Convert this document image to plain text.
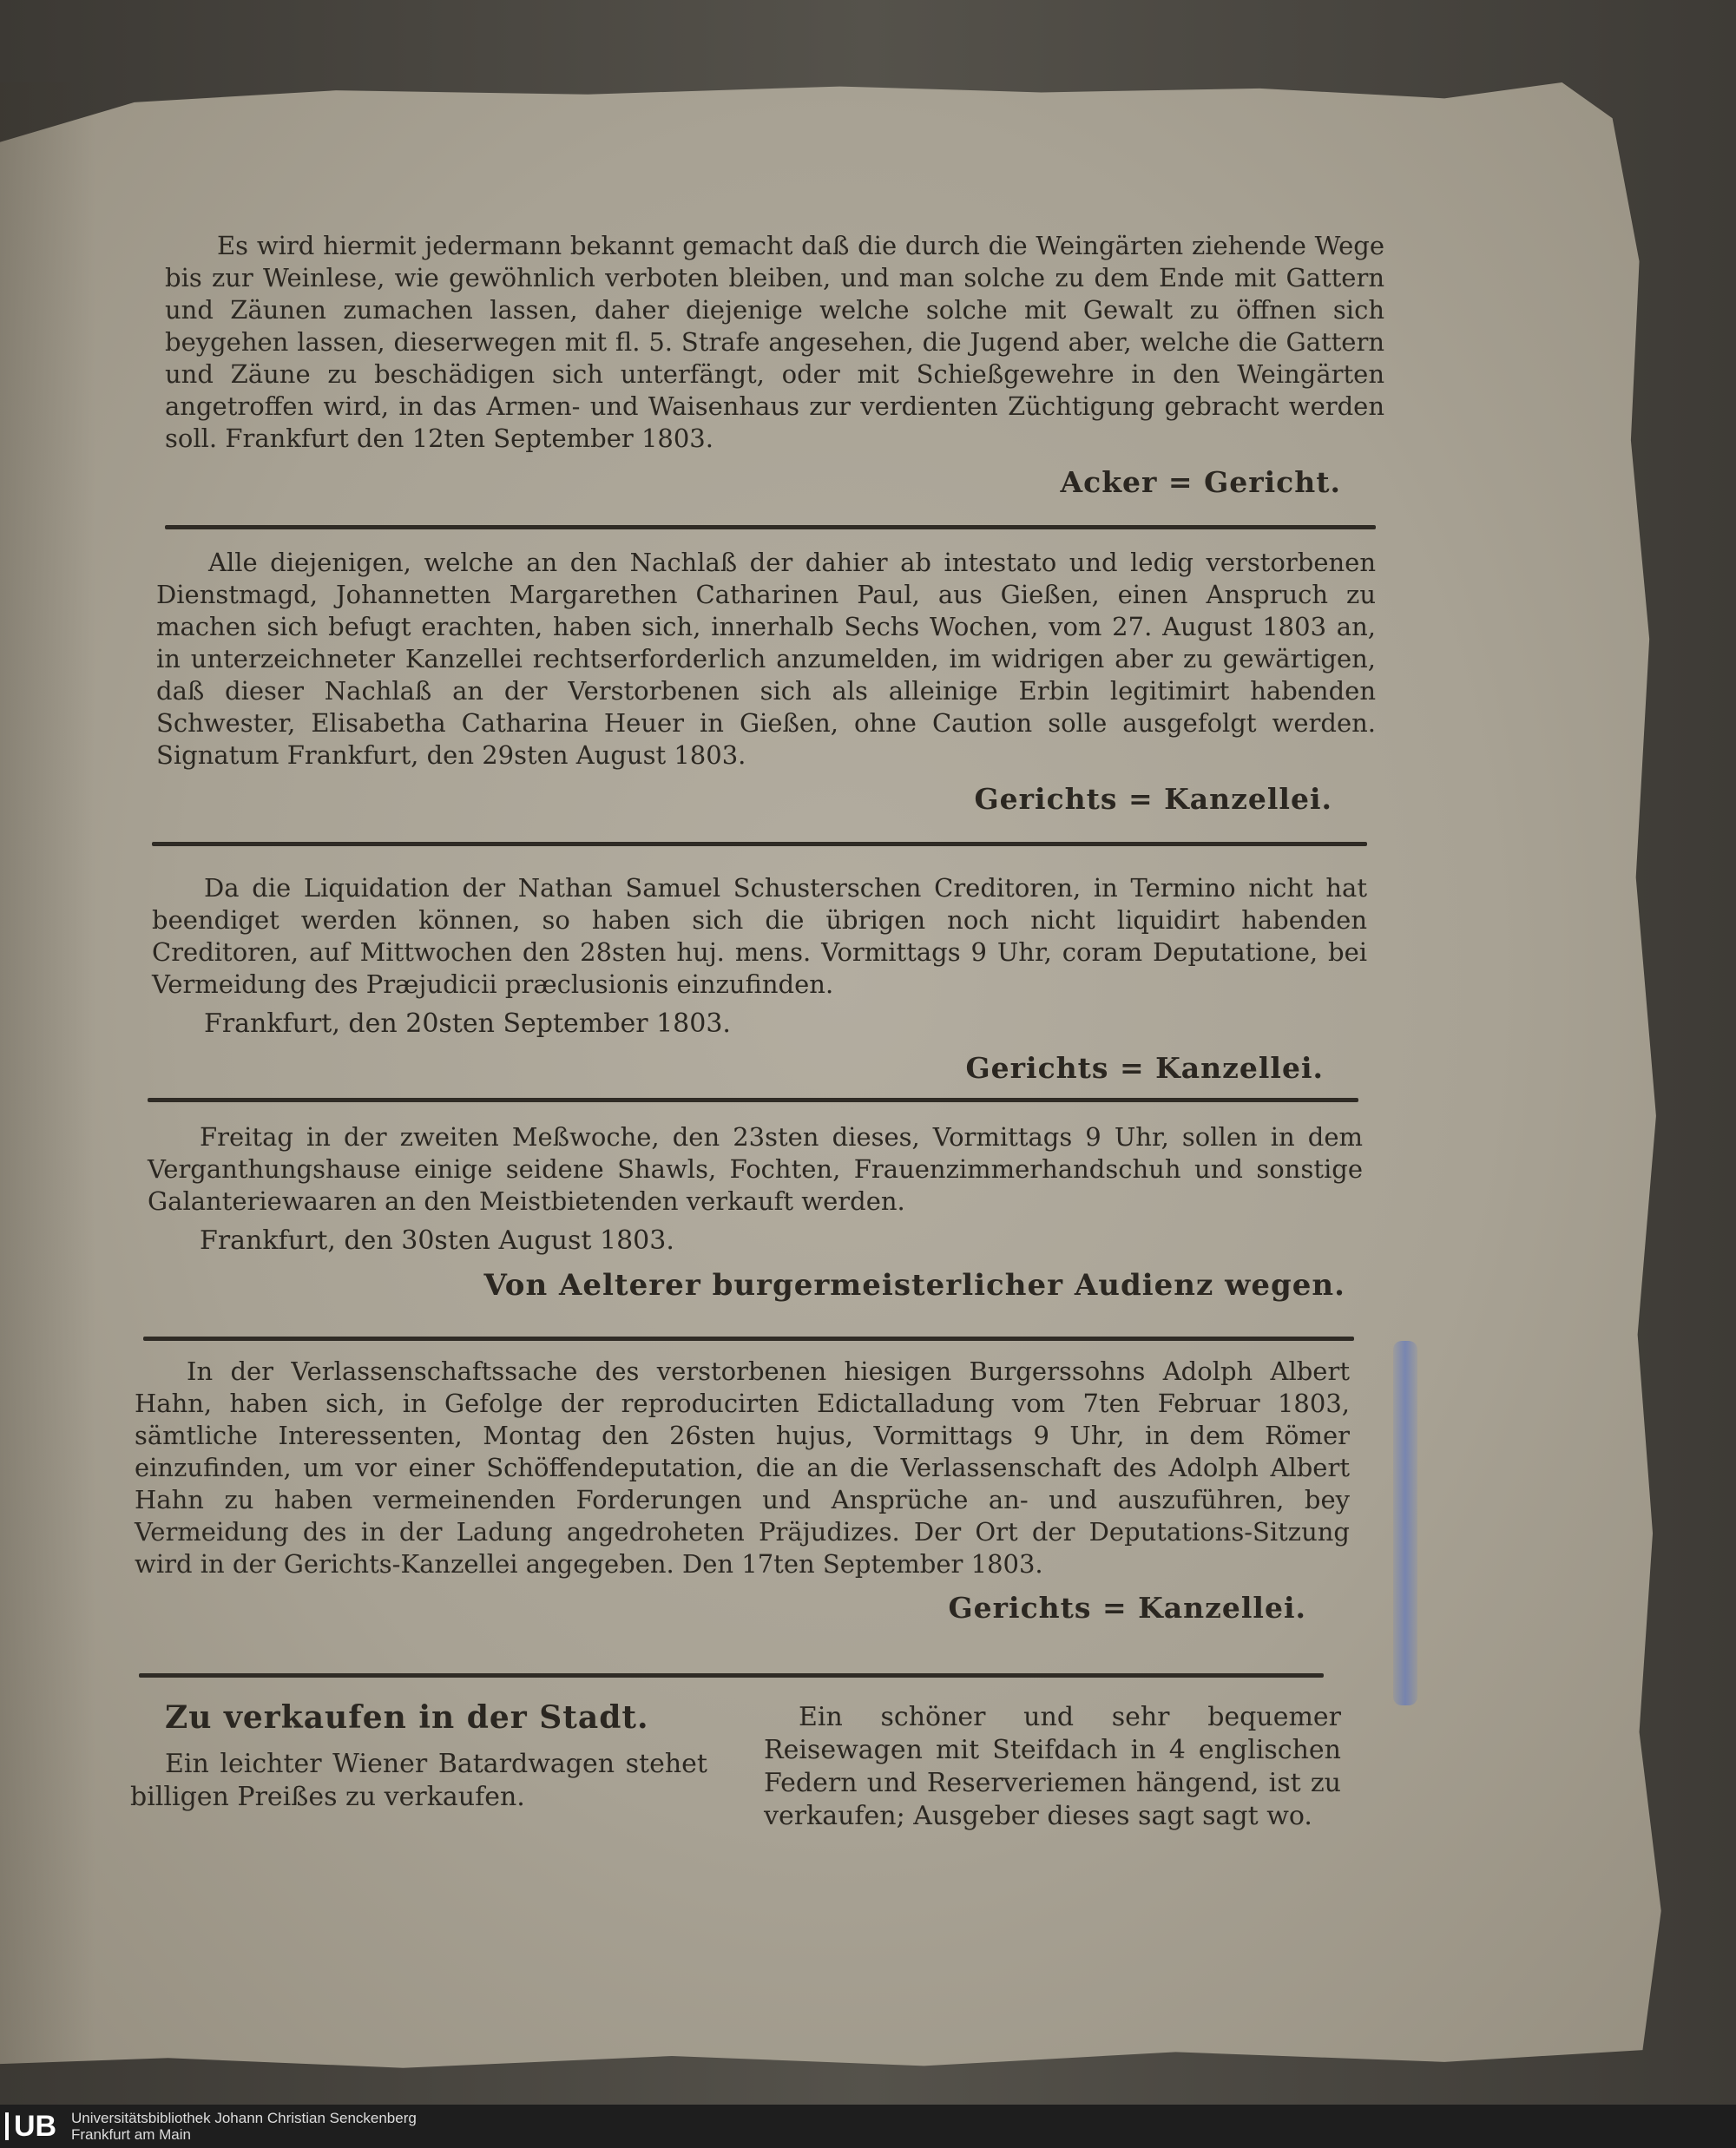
Es wird hiermit jedermann bekannt gemacht daß die durch die Weingärten ziehende Wege bis zur Weinlese, wie gewöhnlich verboten bleiben, und man solche zu dem Ende mit Gattern und Zäunen zumachen lassen, daher diejenige welche solche mit Gewalt zu öffnen sich beygehen lassen, dieserwegen mit fl. 5. Strafe angesehen, die Jugend aber, welche die Gattern und Zäune zu beschädigen sich unterfängt, oder mit Schießgewehre in den Weingärten angetroffen wird, in das Armen- und Waisenhaus zur verdienten Züchtigung gebracht werden soll. Frankfurt den 12ten September 1803.

Acker = Gericht.

Alle diejenigen, welche an den Nachlaß der dahier ab intestato und ledig verstorbenen Dienstmagd, Johannetten Margarethen Catharinen Paul, aus Gießen, einen Anspruch zu machen sich befugt erachten, haben sich, innerhalb Sechs Wochen, vom 27. August 1803 an, in unterzeichneter Kanzellei rechtserforderlich anzumelden, im widrigen aber zu gewärtigen, daß dieser Nachlaß an der Verstorbenen sich als alleinige Erbin legitimirt habenden Schwester, Elisabetha Catharina Heuer in Gießen, ohne Caution solle ausgefolgt werden. Signatum Frankfurt, den 29sten August 1803.

Gerichts = Kanzellei.

Da die Liquidation der Nathan Samuel Schusterschen Creditoren, in Termino nicht hat beendiget werden können, so haben sich die übrigen noch nicht liquidirt habenden Creditoren, auf Mittwochen den 28sten huj. mens. Vormittags 9 Uhr, coram Deputatione, bei Vermeidung des Præjudicii præclusionis einzufinden.

Frankfurt, den 20sten September 1803.
Gerichts = Kanzellei.

Freitag in der zweiten Meßwoche, den 23sten dieses, Vormittags 9 Uhr, sollen in dem Verganthungshause einige seidene Shawls, Fochten, Frauenzimmerhandschuh und sonstige Galanteriewaaren an den Meistbietenden verkauft werden.

Frankfurt, den 30sten August 1803.
Von Aelterer burgermeisterlicher Audienz wegen.

In der Verlassenschaftssache des verstorbenen hiesigen Burgerssohns Adolph Albert Hahn, haben sich, in Gefolge der reproducirten Edictalladung vom 7ten Februar 1803, sämtliche Interessenten, Montag den 26sten hujus, Vormittags 9 Uhr, in dem Römer einzufinden, um vor einer Schöffendeputation, die an die Verlassenschaft des Adolph Albert Hahn zu haben vermeinenden Forderungen und Ansprüche an- und auszuführen, bey Vermeidung des in der Ladung angedroheten Präjudizes. Der Ort der Deputations-Sitzung wird in der Gerichts-Kanzellei angegeben. Den 17ten September 1803.

Gerichts = Kanzellei.
Zu verkaufen in der Stadt.

Ein leichter Wiener Batardwagen stehet billigen Preißes zu verkaufen.

Ein schöner und sehr bequemer Reisewagen mit Steifdach in 4 englischen Federn und Reserveriemen hängend, ist zu verkaufen; Ausgeber dieses sagt sagt wo.

UB Universitätsbibliothek Johann Christian Senckenberg
Frankfurt am Main
